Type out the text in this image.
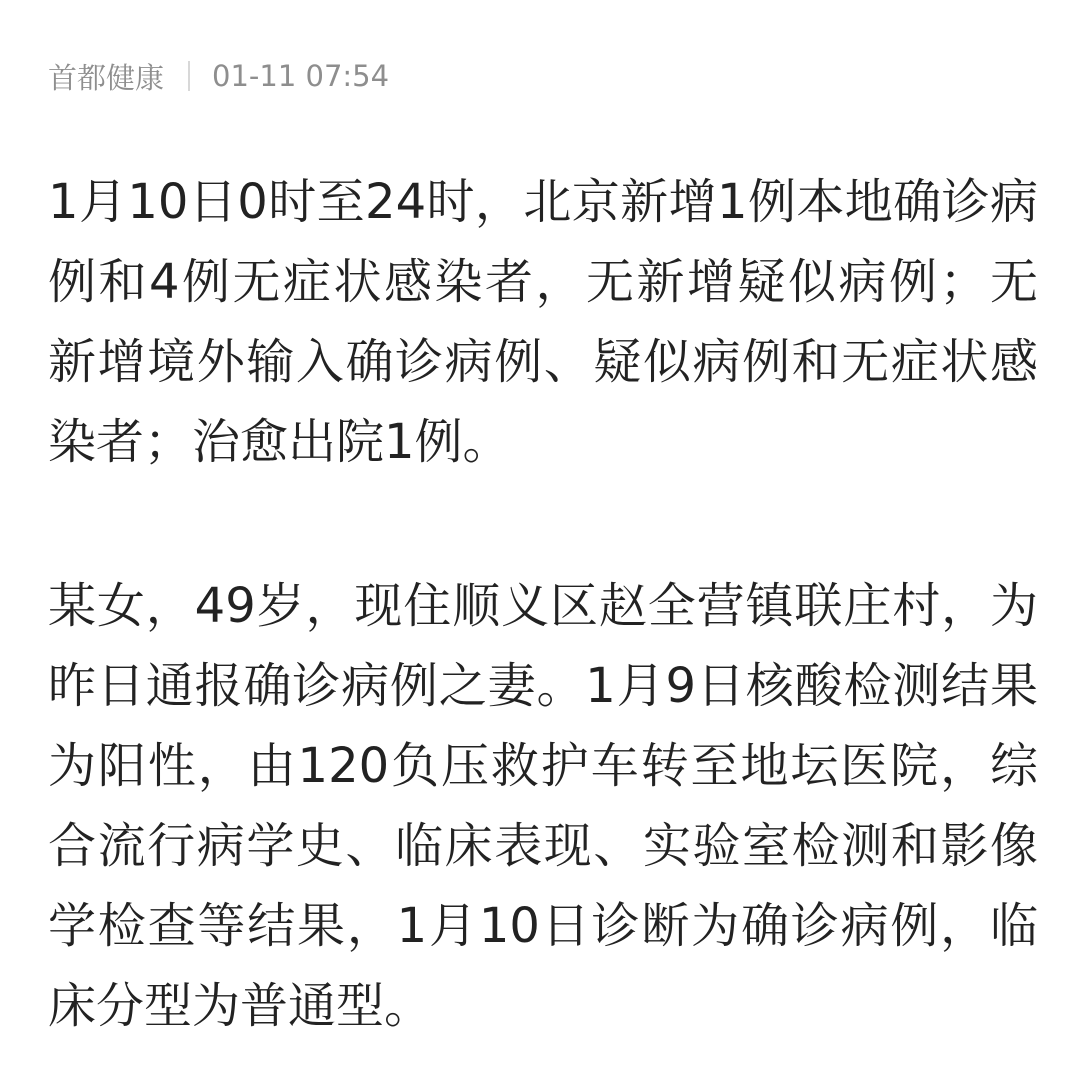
首都健康 01-11 07:54

1月10日0时至24时，北京新增1例本地确诊病例和4例无症状感染者，无新增疑似病例；无新增境外输入确诊病例、疑似病例和无症状感染者；治愈出院1例。

某女，49岁，现住顺义区赵全营镇联庄村，为昨日通报确诊病例之妻。1月9日核酸检测结果为阳性，由120负压救护车转至地坛医院，综合流行病学史、临床表现、实验室检测和影像学检查等结果，1月10日诊断为确诊病例，临床分型为普通型。
